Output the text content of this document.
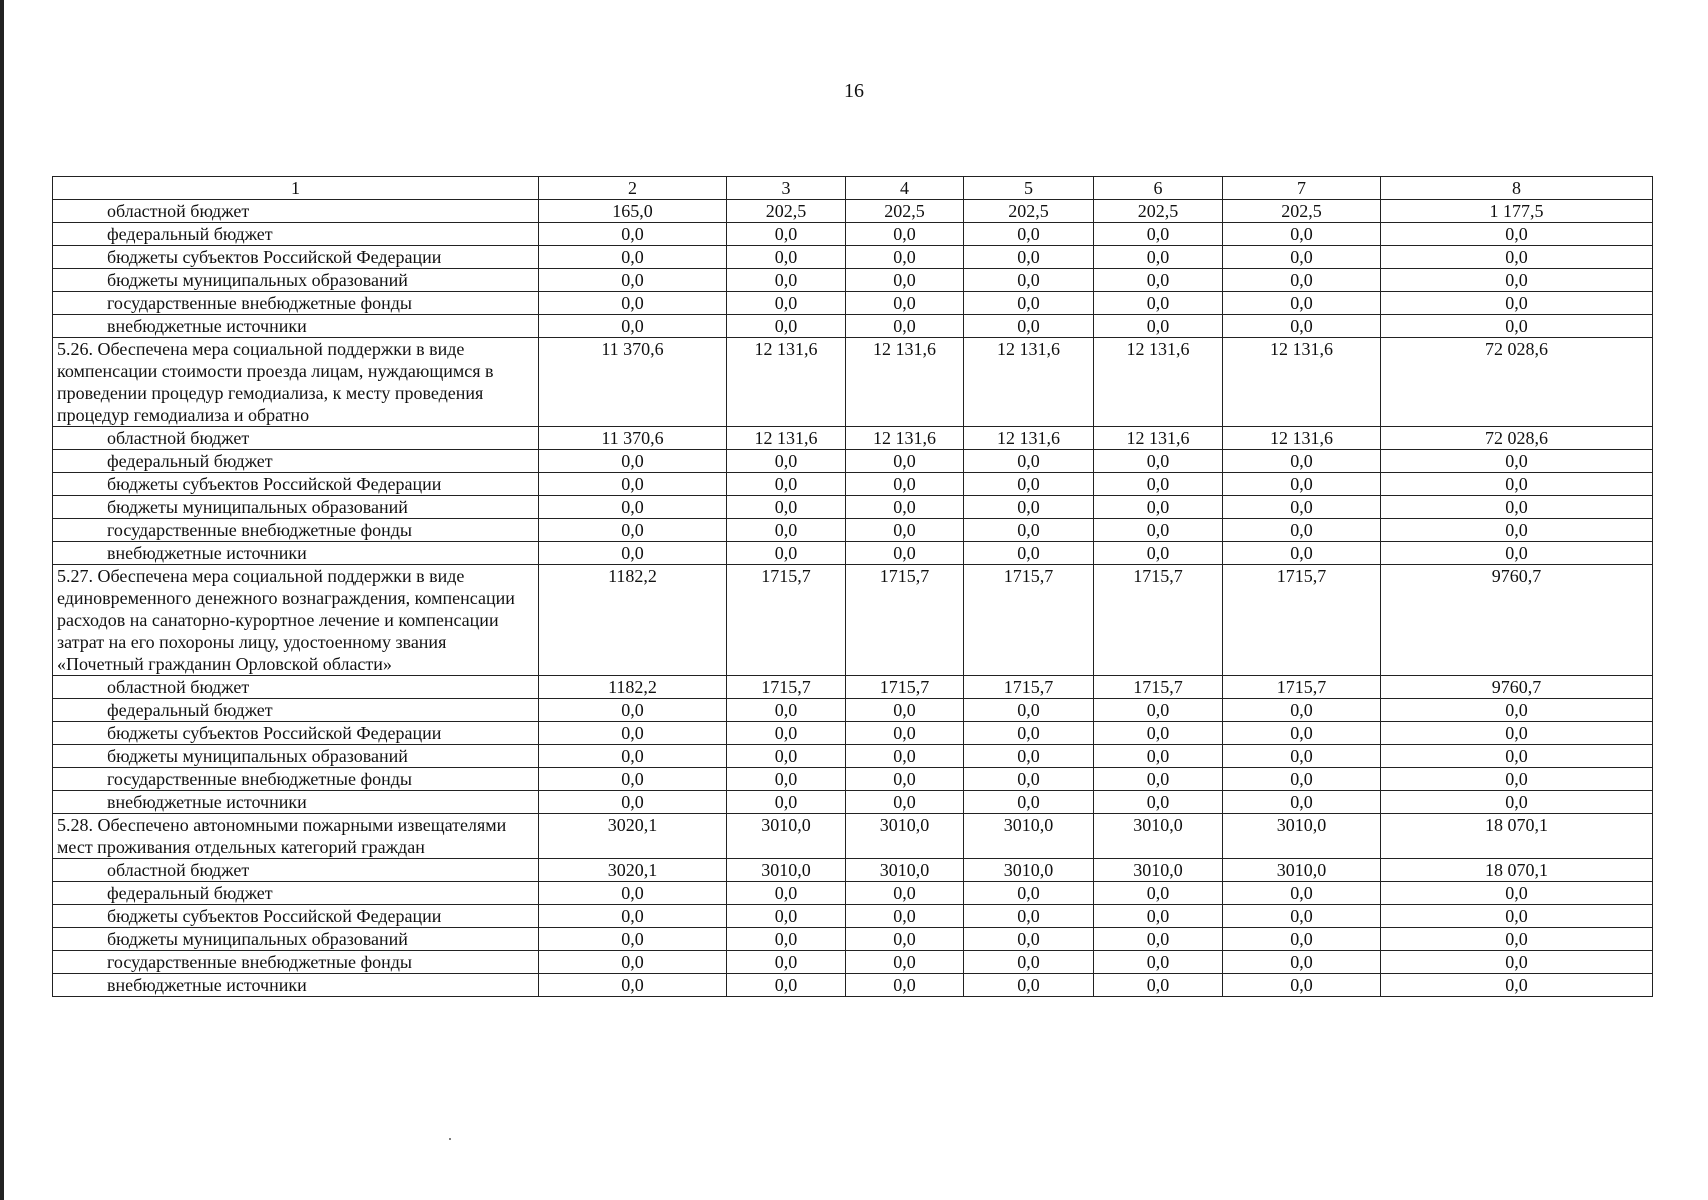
16
1	2	3	4	5	6	7	8
областной бюджет	165,0	202,5	202,5	202,5	202,5	202,5	1 177,5
федеральный бюджет	0,0	0,0	0,0	0,0	0,0	0,0	0,0
бюджеты субъектов Российской Федерации	0,0	0,0	0,0	0,0	0,0	0,0	0,0
бюджеты муниципальных образований	0,0	0,0	0,0	0,0	0,0	0,0	0,0
государственные внебюджетные фонды	0,0	0,0	0,0	0,0	0,0	0,0	0,0
внебюджетные источники	0,0	0,0	0,0	0,0	0,0	0,0	0,0
5.26. Обеспечена мера социальной поддержки в виде компенсации стоимости проезда лицам, нуждающимся в проведении процедур гемодиализа, к месту проведения процедур гемодиализа и обратно	11 370,6	12 131,6	12 131,6	12 131,6	12 131,6	12 131,6	72 028,6
областной бюджет	11 370,6	12 131,6	12 131,6	12 131,6	12 131,6	12 131,6	72 028,6
федеральный бюджет	0,0	0,0	0,0	0,0	0,0	0,0	0,0
бюджеты субъектов Российской Федерации	0,0	0,0	0,0	0,0	0,0	0,0	0,0
бюджеты муниципальных образований	0,0	0,0	0,0	0,0	0,0	0,0	0,0
государственные внебюджетные фонды	0,0	0,0	0,0	0,0	0,0	0,0	0,0
внебюджетные источники	0,0	0,0	0,0	0,0	0,0	0,0	0,0
5.27. Обеспечена мера социальной поддержки в виде единовременного денежного вознаграждения, компенсации расходов на санаторно-курортное лечение и компенсации затрат на его похороны лицу, удостоенному звания «Почетный гражданин Орловской области»	1182,2	1715,7	1715,7	1715,7	1715,7	1715,7	9760,7
областной бюджет	1182,2	1715,7	1715,7	1715,7	1715,7	1715,7	9760,7
федеральный бюджет	0,0	0,0	0,0	0,0	0,0	0,0	0,0
бюджеты субъектов Российской Федерации	0,0	0,0	0,0	0,0	0,0	0,0	0,0
бюджеты муниципальных образований	0,0	0,0	0,0	0,0	0,0	0,0	0,0
государственные внебюджетные фонды	0,0	0,0	0,0	0,0	0,0	0,0	0,0
внебюджетные источники	0,0	0,0	0,0	0,0	0,0	0,0	0,0
5.28. Обеспечено автономными пожарными извещателями мест проживания отдельных категорий граждан	3020,1	3010,0	3010,0	3010,0	3010,0	3010,0	18 070,1
областной бюджет	3020,1	3010,0	3010,0	3010,0	3010,0	3010,0	18 070,1
федеральный бюджет	0,0	0,0	0,0	0,0	0,0	0,0	0,0
бюджеты субъектов Российской Федерации	0,0	0,0	0,0	0,0	0,0	0,0	0,0
бюджеты муниципальных образований	0,0	0,0	0,0	0,0	0,0	0,0	0,0
государственные внебюджетные фонды	0,0	0,0	0,0	0,0	0,0	0,0	0,0
внебюджетные источники	0,0	0,0	0,0	0,0	0,0	0,0	0,0
